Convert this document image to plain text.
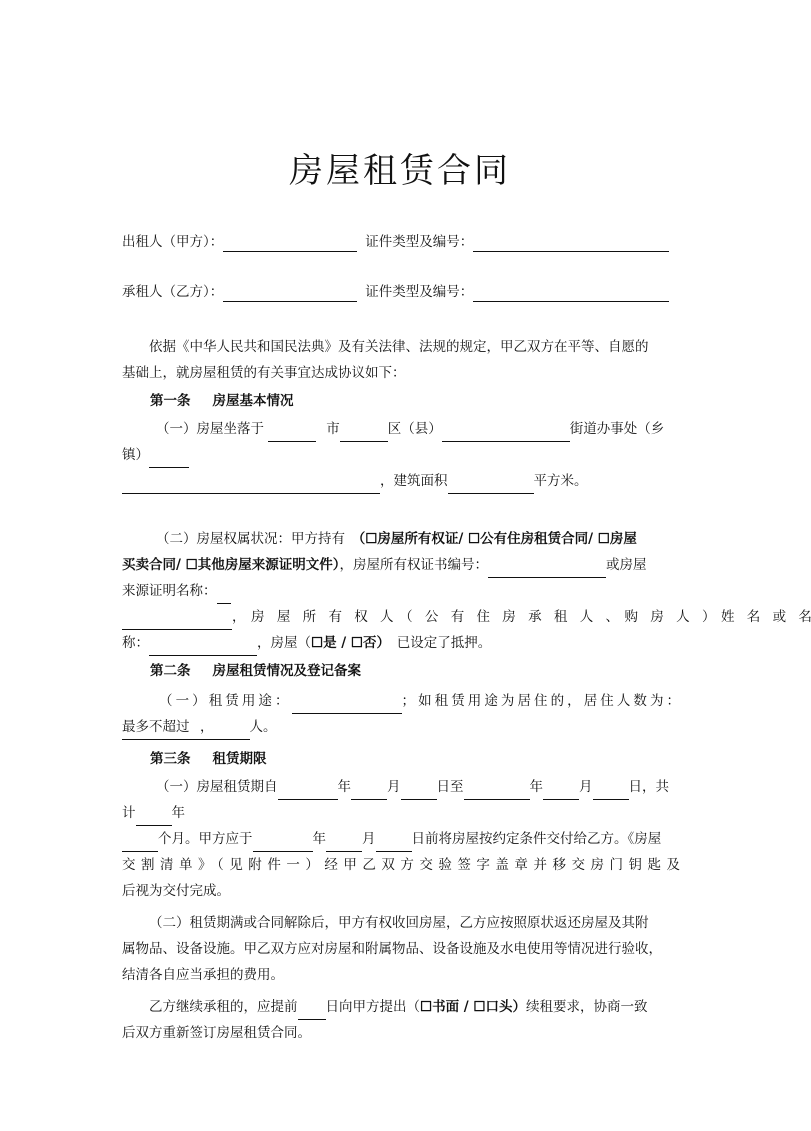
房屋租赁合同
出租人（甲方）：	证件类型及编号：
承租人（乙方）：	证件类型及编号：
依据《中华人民共和国民法典》及有关法律、法规的规定，甲乙双方在平等、自愿的
基础上，就房屋租赁的有关事宜达成协议如下：
第一条 房屋基本情况
（一）房屋坐落于	市	区（县）	街道办事处（乡
镇）
，建筑面积	平方米。
（二）房屋权属状况：甲方持有　（☐房屋所有权证/ ☐公有住房租赁合同/ ☐房屋
买卖合同/ ☐其他房屋来源证明文件），房屋所有权证书编号：	或房屋
来源证明名称：
，　房　屋　所　有　权　人　（　公　有　住　房　承　租　人　、　购　房　人　）　姓　名　或　名
称：	，房屋（☐是 / ☐否）　已设定了抵押。
第二条 房屋租赁情况及登记备案
（一）租赁用途：	；如租赁用途为居住的，居住人数为：，
最多不超过	人。
第三条 租赁期限
（一）房屋租赁期自	年	月	日至	年	月	日，共
计	年
个月。甲方应于	年	月	日前将房屋按约定条件交付给乙方。《房屋
交割清单》（见附件一）经甲乙双方交验签字盖章并移交房门钥匙及
后视为交付完成。
（二）租赁期满或合同解除后，甲方有权收回房屋，乙方应按照原状返还房屋及其附
属物品、设备设施。甲乙双方应对房屋和附属物品、设备设施及水电使用等情况进行验收，
结清各自应当承担的费用。
乙方继续承租的，应提前 日向甲方提出（☐书面 / ☐口头）续租要求，协商一致
后双方重新签订房屋租赁合同。
